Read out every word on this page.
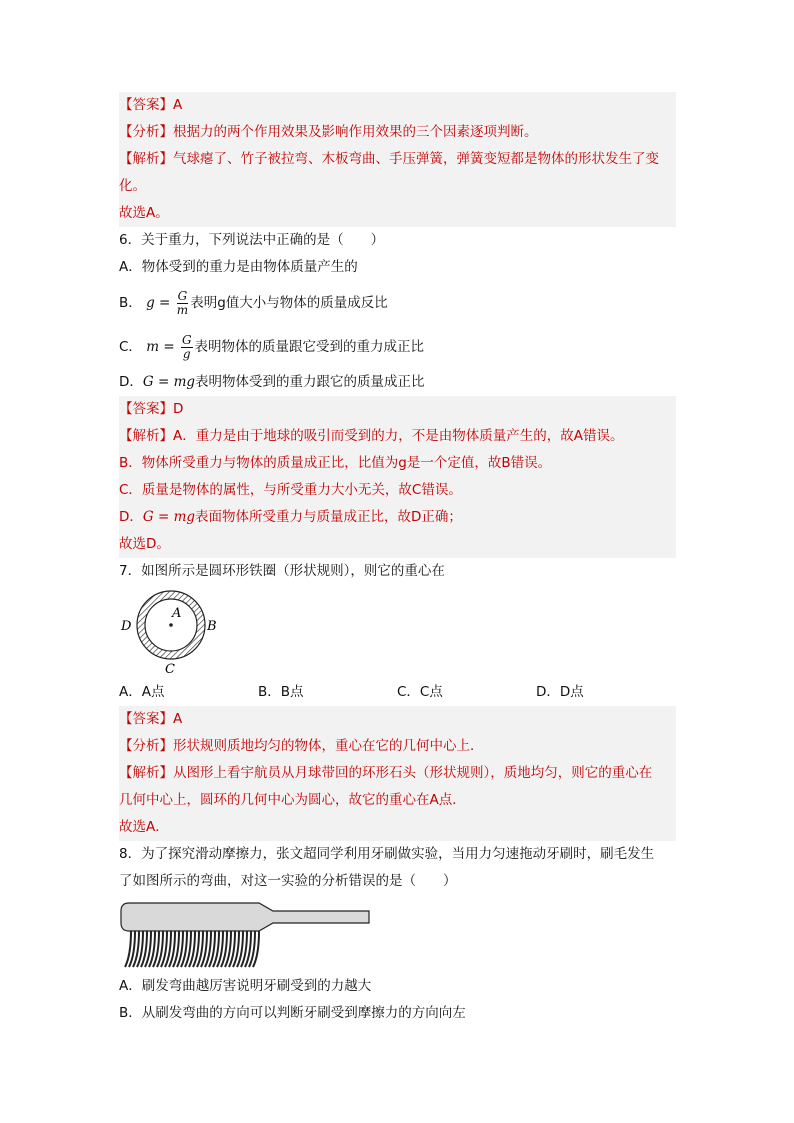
【答案】A
【分析】根据力的两个作用效果及影响作用效果的三个因素逐项判断。
【解析】气球瘪了、竹子被拉弯、木板弯曲、手压弹簧，弹簧变短都是物体的形状发生了变
化。
故选A。
6．关于重力，下列说法中正确的是（　　）
A．物体受到的重力是由物体质量产生的
B． $g = \frac{G}{m}$ 表明g值大小与物体的质量成反比
C． $m = \frac{G}{g}$ 表明物体的质量跟它受到的重力成正比
D．G = mg表明物体受到的重力跟它的质量成正比
【答案】D
【解析】A．重力是由于地球的吸引而受到的力，不是由物体质量产生的，故A错误。
B．物体所受重力与物体的质量成正比，比值为g是一个定值，故B错误。
C．质量是物体的属性，与所受重力大小无关，故C错误。
D．G = mg表面物体所受重力与质量成正比，故D正确；
故选D。
7．如图所示是圆环形铁圈（形状规则），则它的重心在
A
B
C
D
A．A点	B．B点	C．C点	D．D点
【答案】A
【分析】形状规则质地均匀的物体，重心在它的几何中心上．
【解析】从图形上看宇航员从月球带回的环形石头（形状规则），质地均匀，则它的重心在
几何中心上，圆环的几何中心为圆心，故它的重心在A点．
故选A．
8．为了探究滑动摩擦力，张文超同学利用牙刷做实验，当用力匀速拖动牙刷时，刷毛发生
了如图所示的弯曲，对这一实验的分析错误的是（　　）
A．刷发弯曲越厉害说明牙刷受到的力越大
B．从刷发弯曲的方向可以判断牙刷受到摩擦力的方向向左
